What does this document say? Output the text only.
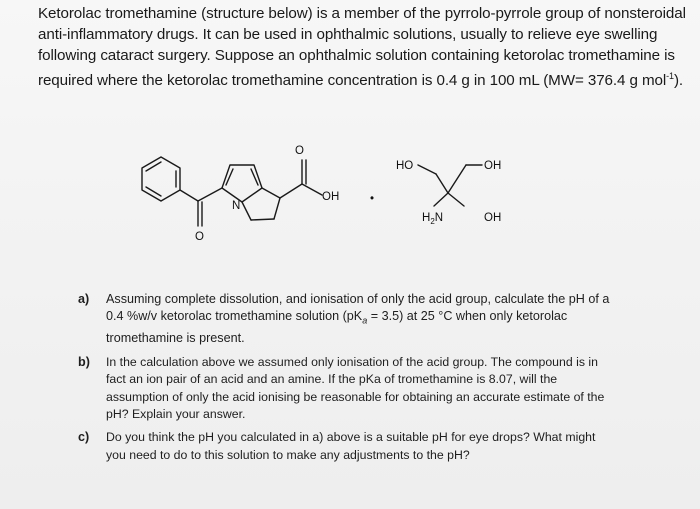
Ketorolac tromethamine (structure below) is a member of the pyrrolo-pyrrole group of nonsteroidal

anti-inflammatory drugs. It can be used in ophthalmic solutions, usually to relieve eye swelling

following cataract surgery. Suppose an ophthalmic solution containing ketorolac tromethamine is

required where the ketorolac tromethamine concentration is 0.4 g in 100 mL (MW= 376.4 g mol$^{-1}$).

N
O
O
OH	•
HO	OH
$H_2N$	OH
a)	Assuming complete dissolution, and ionisation of only the acid group, calculate the pH of a
0.4 %w/v ketorolac tromethamine solution $(pK_a = 3.5)$ at 25 °C when only ketorolac
tromethamine is present.
b)	In the calculation above we assumed only ionisation of the acid group. The compound is in
fact an ion pair of an acid and an amine. If the pKa of tromethamine is 8.07, will the
assumption of only the acid ionising be reasonable for obtaining an accurate estimate of the
pH? Explain your answer.
c)	Do you think the pH you calculated in a) above is a suitable pH for eye drops? What might
you need to do to this solution to make any adjustments to the pH?
